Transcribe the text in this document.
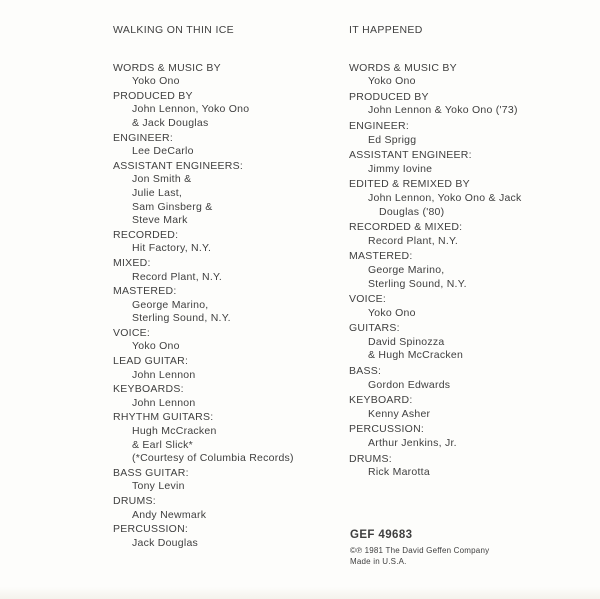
WALKING ON THIN ICE
WORDS & MUSIC BY
Yoko Ono
PRODUCED BY
John Lennon, Yoko Ono
& Jack Douglas
ENGINEER:
Lee DeCarlo
ASSISTANT ENGINEERS:
Jon Smith &
Julie Last,
Sam Ginsberg &
Steve Mark
RECORDED:
Hit Factory, N.Y.
MIXED:
Record Plant, N.Y.
MASTERED:
George Marino,
Sterling Sound, N.Y.
VOICE:
Yoko Ono
LEAD GUITAR:
John Lennon
KEYBOARDS:
John Lennon
RHYTHM GUITARS:
Hugh McCracken
& Earl Slick*
(*Courtesy of Columbia Records)
BASS GUITAR:
Tony Levin
DRUMS:
Andy Newmark
PERCUSSION:
Jack Douglas
IT HAPPENED
WORDS & MUSIC BY
Yoko Ono
PRODUCED BY
John Lennon & Yoko Ono ('73)
ENGINEER:
Ed Sprigg
ASSISTANT ENGINEER:
Jimmy Iovine
EDITED & REMIXED BY
John Lennon, Yoko Ono & Jack
Douglas ('80)
RECORDED & MIXED:
Record Plant, N.Y.
MASTERED:
George Marino,
Sterling Sound, N.Y.
VOICE:
Yoko Ono
GUITARS:
David Spinozza
& Hugh McCracken
BASS:
Gordon Edwards
KEYBOARD:
Kenny Asher
PERCUSSION:
Arthur Jenkins, Jr.
DRUMS:
Rick Marotta
GEF 49683
©℗ 1981 The David Geffen Company
Made in U.S.A.
